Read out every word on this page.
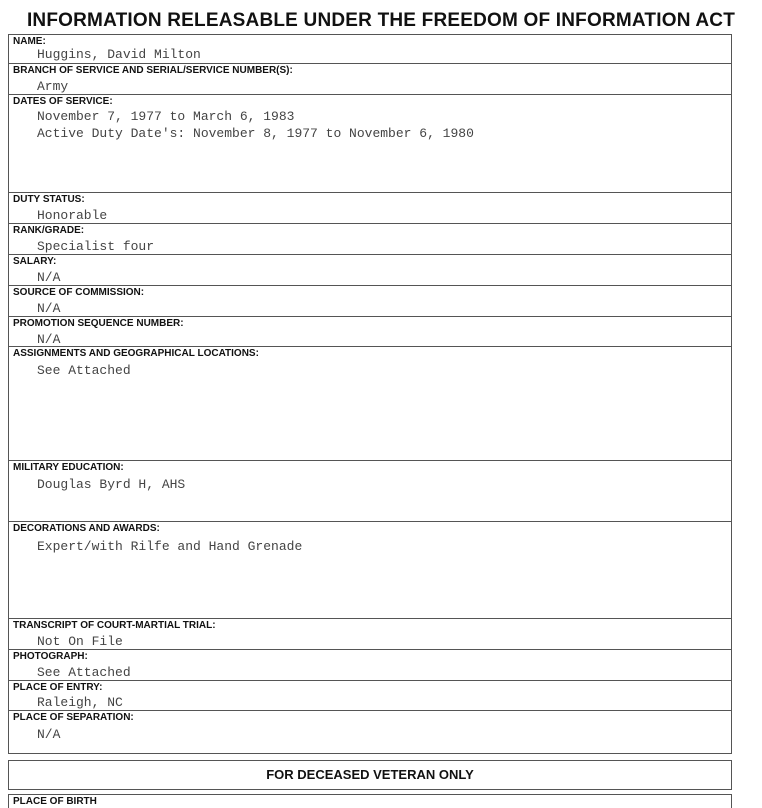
INFORMATION RELEASABLE UNDER THE FREEDOM OF INFORMATION ACT
NAME:
Huggins, David Milton
BRANCH OF SERVICE AND SERIAL/SERVICE NUMBER(S):
Army
DATES OF SERVICE:
November 7, 1977 to March 6, 1983
Active Duty Date's: November 8, 1977 to November 6, 1980
DUTY STATUS:
Honorable
RANK/GRADE:
Specialist four
SALARY:
N/A
SOURCE OF COMMISSION:
N/A
PROMOTION SEQUENCE NUMBER:
N/A
ASSIGNMENTS AND GEOGRAPHICAL LOCATIONS:
See Attached
MILITARY EDUCATION:
Douglas Byrd H, AHS
DECORATIONS AND AWARDS:
Expert/with Rilfe and Hand Grenade
TRANSCRIPT OF COURT-MARTIAL TRIAL:
Not On File
PHOTOGRAPH:
See Attached
PLACE OF ENTRY:
Raleigh, NC
PLACE OF SEPARATION:
N/A
FOR DECEASED VETERAN ONLY
PLACE OF BIRTH
